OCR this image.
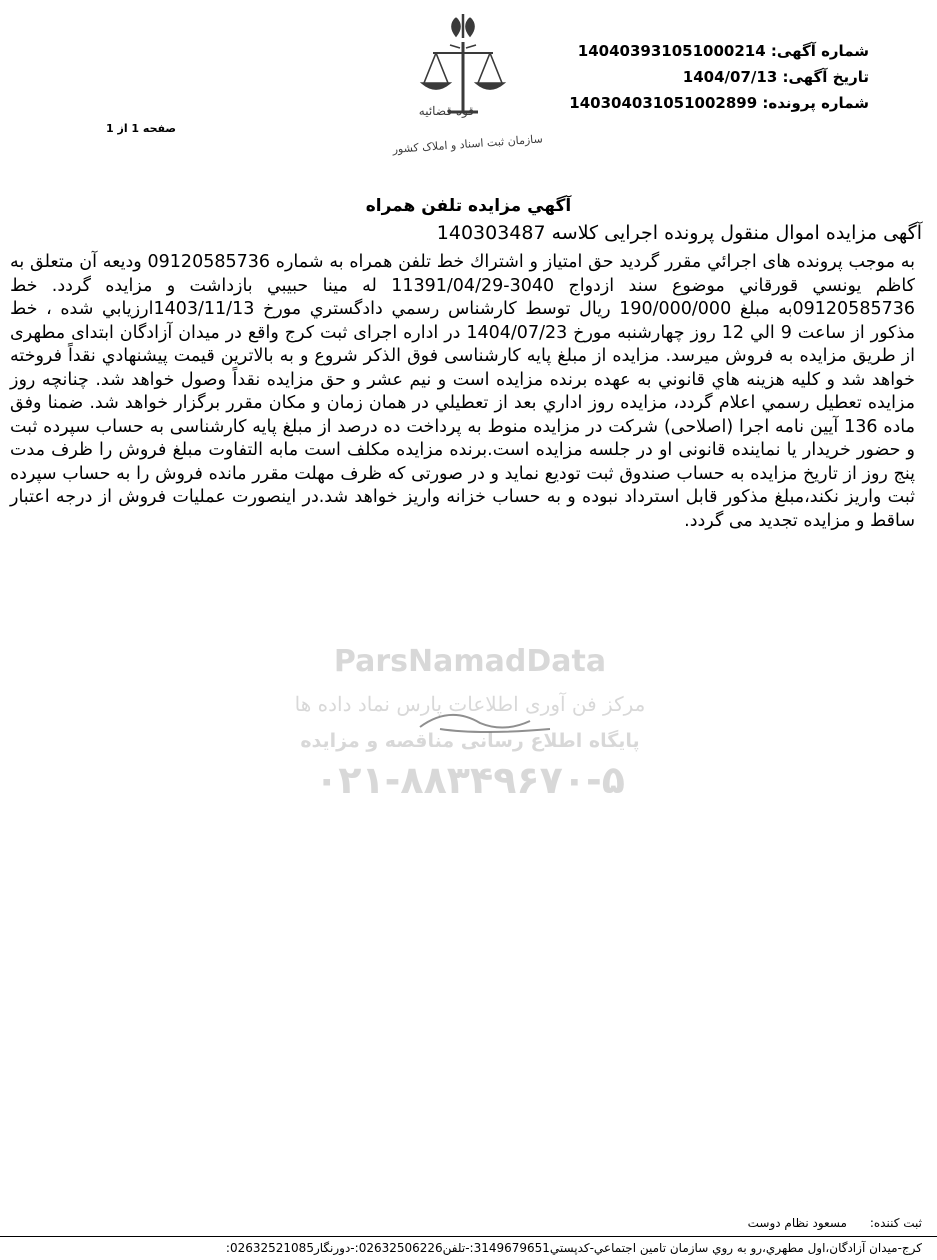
شماره آگهی: 140403931051000214
تاریخ آگهی: 1404/07/13
شماره پرونده: 140304031051002899
صفحه 1 از 1
قوه قضائیه
سازمان ثبت اسناد و املاک کشور
آگهي مزايده تلفن همراه
آگهی مزایده اموال منقول پرونده اجرایی کلاسه 140303487
به موجب پرونده های اجرائي مقرر گرديد حق امتياز و اشتراك خط تلفن همراه به شماره 09120585736 وديعه آن متعلق به كاظم يونسي قورقاني موضوع سند ازدواج 3040-11391/04/29 له مينا حبيبي بازداشت و مزايده گردد. خط 09120585736به مبلغ 190/000/000 ريال توسط كارشناس رسمي دادگستري مورخ 1403/11/13ارزيابي شده ، خط مذكور از ساعت 9 الي 12 روز چهارشنبه مورخ 1404/07/23 در اداره اجرای ثبت کرج واقع در میدان آزادگان ابتدای مطهری از طريق مزايده به فروش ميرسد. مزایده از مبلغ پایه کارشناسی فوق الذکر شروع و به بالاترين قيمت پيشنهادي نقداً فروخته خواهد شد و كليه هزينه هاي قانوني به عهده برنده مزايده است و نيم عشر و حق مزايده نقداً وصول خواهد شد. چنانچه روز مزايده تعطيل رسمي اعلام گردد، مزايده روز اداري بعد از تعطيلي در همان زمان و مكان مقرر برگزار خواهد شد. ضمنا وفق ماده 136 آیین نامه اجرا (اصلاحی) شرکت در مزایده منوط به پرداخت ده درصد از مبلغ پایه کارشناسی به حساب سپرده ثبت و حضور خریدار یا نماینده قانونی او در جلسه مزایده است.برنده مزایده مکلف است مابه التفاوت مبلغ فروش را ظرف مدت پنج روز از تاریخ مزایده به حساب صندوق ثبت تودیع نماید و در صورتی که ظرف مهلت مقرر مانده فروش را به حساب سپرده ثبت واریز نکند،مبلغ مذکور قابل استرداد نبوده و به حساب خزانه واریز خواهد شد.در اینصورت عملیات فروش از درجه اعتبار ساقط و مزایده تجدید می گردد.
ParsNamadData
مرکز فن آوری اطلاعات پارس نماد داده ها
پایگاه اطلاع رسانی مناقصه و مزایده
۰۲۱-۸۸۳۴۹۶۷۰-۵
ثبت كننده:      مسعود نظام دوست
کرج-میدان آزادگان،اول مطهري،رو به روي سازمان تامين اجتماعي-كدپستي3149679651:-تلفن02632506226:-دورنگار02632521085:
